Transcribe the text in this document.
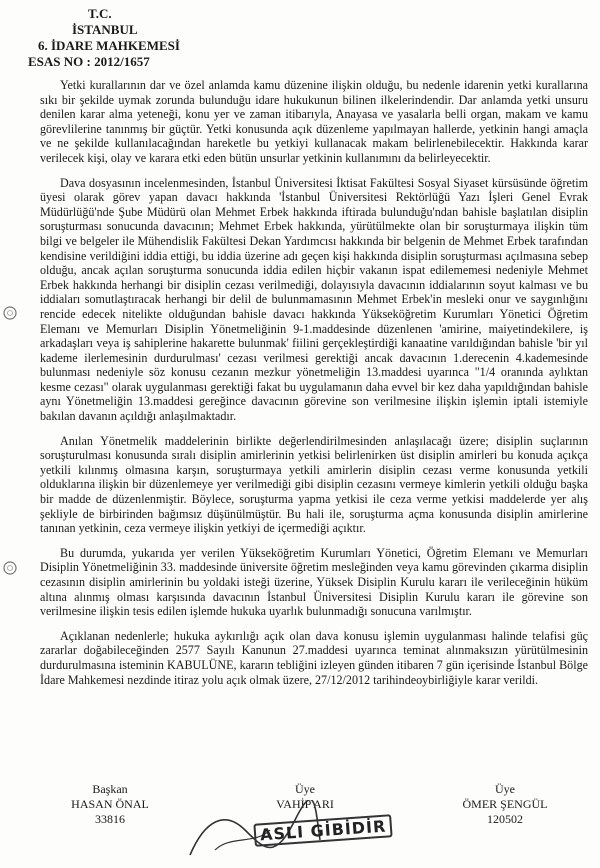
T.C.
İSTANBUL
6. İDARE MAHKEMESİ
ESAS NO : 2012/1657

Yetki kurallarının dar ve özel anlamda kamu düzenine ilişkin olduğu, bu nedenle idarenin yetki kurallarına sıkı bir şekilde uymak zorunda bulunduğu idare hukukunun bilinen ilkelerindendir. Dar anlamda yetki unsuru denilen karar alma yeteneği, konu yer ve zaman itibarıyla, Anayasa ve yasalarla belli organ, makam ve kamu görevlilerine tanınmış bir güçtür. Yetki konusunda açık düzenleme yapılmayan hallerde, yetkinin hangi amaçla ve ne şekilde kullanılacağından hareketle bu yetkiyi kullanacak makam belirlenebilecektir. Hakkında karar verilecek kişi, olay ve karara etki eden bütün unsurlar yetkinin kullanımını da belirleyecektir.

Dava dosyasının incelenmesinden, İstanbul Üniversitesi İktisat Fakültesi Sosyal Siyaset kürsüsünde öğretim üyesi olarak görev yapan davacı hakkında 'İstanbul Üniversitesi Rektörlüğü Yazı İşleri Genel Evrak Müdürlüğü'nde Şube Müdürü olan Mehmet Erbek hakkında iftirada bulunduğu'ndan bahisle başlatılan disiplin soruşturması sonucunda davacının; Mehmet Erbek hakkında, yürütülmekte olan bir soruşturmaya ilişkin tüm bilgi ve belgeler ile Mühendislik Fakültesi Dekan Yardımcısı hakkında bir belgenin de Mehmet Erbek tarafından kendisine verildiğini iddia ettiği, bu iddia üzerine adı geçen kişi hakkında disiplin soruşturması açılmasına sebep olduğu, ancak açılan soruşturma sonucunda iddia edilen hiçbir vakanın ispat edilememesi nedeniyle Mehmet Erbek hakkında herhangi bir disiplin cezası verilmediği, dolayısıyla davacının iddialarının soyut kalması ve bu iddiaları somutlaştıracak herhangi bir delil de bulunmamasının Mehmet Erbek'in mesleki onur ve saygınlığını rencide edecek nitelikte olduğundan bahisle davacı hakkında Yükseköğretim Kurumları Yönetici Öğretim Elemanı ve Memurları Disiplin Yönetmeliğinin 9-1.maddesinde düzenlenen 'amirine, maiyetindekilere, iş arkadaşları veya iş sahiplerine hakarette bulunmak' fiilini gerçekleştirdiği kanaatine varıldığından bahisle 'bir yıl kademe ilerlemesinin durdurulması' cezası verilmesi gerektiği ancak davacının 1.derecenin 4.kademesinde bulunması nedeniyle söz konusu cezanın mezkur yönetmeliğin 13.maddesi uyarınca "1/4 oranında aylıktan kesme cezası" olarak uygulanması gerektiği fakat bu uygulamanın daha evvel bir kez daha yapıldığından bahisle aynı Yönetmeliğin 13.maddesi gereğince davacının görevine son verilmesine ilişkin işlemin iptali istemiyle bakılan davanın açıldığı anlaşılmaktadır.

Anılan Yönetmelik maddelerinin birlikte değerlendirilmesinden anlaşılacağı üzere; disiplin suçlarının soruşturulması konusunda sıralı disiplin amirlerinin yetkisi belirlenirken üst disiplin amirleri bu konuda açıkça yetkili kılınmış olmasına karşın, soruşturmaya yetkili amirlerin disiplin cezası verme konusunda yetkili olduklarına ilişkin bir düzenlemeye yer verilmediği gibi disiplin cezasını vermeye kimlerin yetkili olduğu başka bir madde de düzenlenmiştir. Böylece, soruşturma yapma yetkisi ile ceza verme yetkisi maddelerde yer alış şekliyle de birbirinden bağımsız düşünülmüştür. Bu hali ile, soruşturma açma konusunda disiplin amirlerine tanınan yetkinin, ceza vermeye ilişkin yetkiyi de içermediği açıktır.

Bu durumda, yukarıda yer verilen Yükseköğretim Kurumları Yönetici, Öğretim Elemanı ve Memurları Disiplin Yönetmeliğinin 33. maddesinde üniversite öğretim mesleğinden veya kamu görevinden çıkarma disiplin cezasının disiplin amirlerinin bu yoldaki isteği üzerine, Yüksek Disiplin Kurulu kararı ile verileceğinin hüküm altına alınmış olması karşısında davacının İstanbul Üniversitesi Disiplin Kurulu kararı ile görevine son verilmesine ilişkin tesis edilen işlemde hukuka uyarlık bulunmadığı sonucuna varılmıştır.

Açıklanan nedenlerle; hukuka aykırılığı açık olan dava konusu işlemin uygulanması halinde telafisi güç zararlar doğabileceğinden 2577 Sayılı Kanunun 27.maddesi uyarınca teminat alınmaksızın yürütülmesinin durdurulmasına isteminin KABULÜNE, kararın tebliğini izleyen günden itibaren 7 gün içerisinde İstanbul Bölge İdare Mahkemesi nezdinde itiraz yolu açık olmak üzere, 27/12/2012 tarihindeoybirliğiyle karar verildi.

Başkan
HASAN ÖNAL
33816
Üye
VAHİP ARI
Üye
ÖMER ŞENGÜL
120502
ASLI GİBİDİR
